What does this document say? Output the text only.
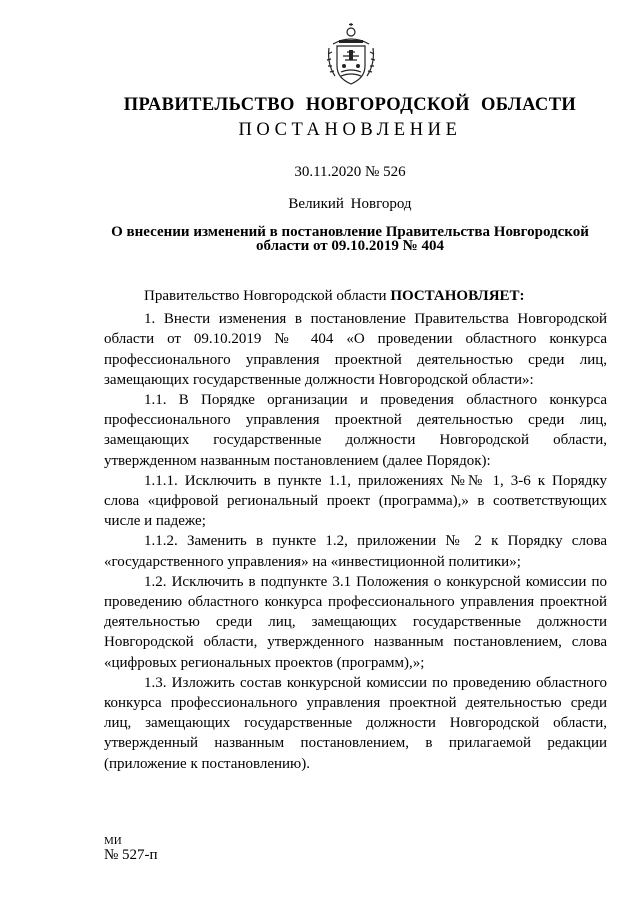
ПРАВИТЕЛЬСТВО НОВГОРОДСКОЙ ОБЛАСТИ
ПОСТАНОВЛЕНИЕ
30.11.2020 № 526
Великий Новгород
О внесении изменений в постановление Правительства Новгородской
области от 09.10.2019 № 404

Правительство Новгородской области ПОСТАНОВЛЯЕТ:

1. Внести изменения в постановление Правительства Новгородской области от 09.10.2019 № 404 «О проведении областного конкурса профессионального управления проектной деятельностью среди лиц, замещающих государственные должности Новгородской области»:

1.1. В Порядке организации и проведения областного конкурса профессионального управления проектной деятельностью среди лиц, замещающих государственные должности Новгородской области, утвержденном названным постановлением (далее Порядок):

1.1.1. Исключить в пункте 1.1, приложениях №№ 1, 3-6 к Порядку слова «цифровой региональный проект (программа),» в соответствующих числе и падеже;

1.1.2. Заменить в пункте 1.2, приложении № 2 к Порядку слова «государственного управления» на «инвестиционной политики»;

1.2. Исключить в подпункте 3.1 Положения о конкурсной комиссии по проведению областного конкурса профессионального управления проектной деятельностью среди лиц, замещающих государственные должности Новгородской области, утвержденного названным постановлением, слова «цифровых региональных проектов (программ),»;

1.3. Изложить состав конкурсной комиссии по проведению областного конкурса профессионального управления проектной деятельностью среди лиц, замещающих государственные должности Новгородской области, утвержденный названным постановлением, в прилагаемой редакции (приложение к постановлению).

МИ
№ 527-п
